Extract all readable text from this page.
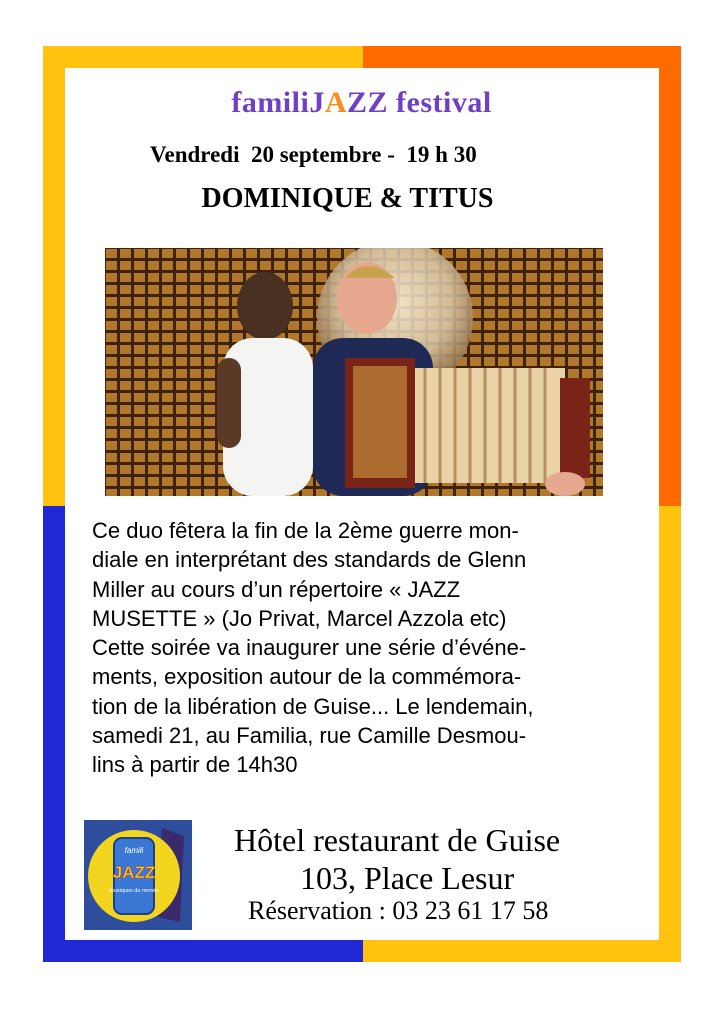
familiJAZZ festival
Vendredi  20 septembre -  19 h 30
DOMINIQUE & TITUS
Ce duo fêtera la fin de la 2ème guerre mon-
diale en interprétant des standards de Glenn
Miller au cours d’un répertoire « JAZZ
MUSETTE » (Jo Privat, Marcel Azzola etc)
Cette soirée va inaugurer une série d’événe-
ments, exposition autour de la commémora-
tion de la libération de Guise... Le lendemain,
samedi 21, au Familia, rue Camille Desmou-
lins à partir de 14h30
famili
JAZZ
musiques du monde
Hôtel restaurant de Guise
103, Place Lesur
Réservation : 03 23 61 17 58
